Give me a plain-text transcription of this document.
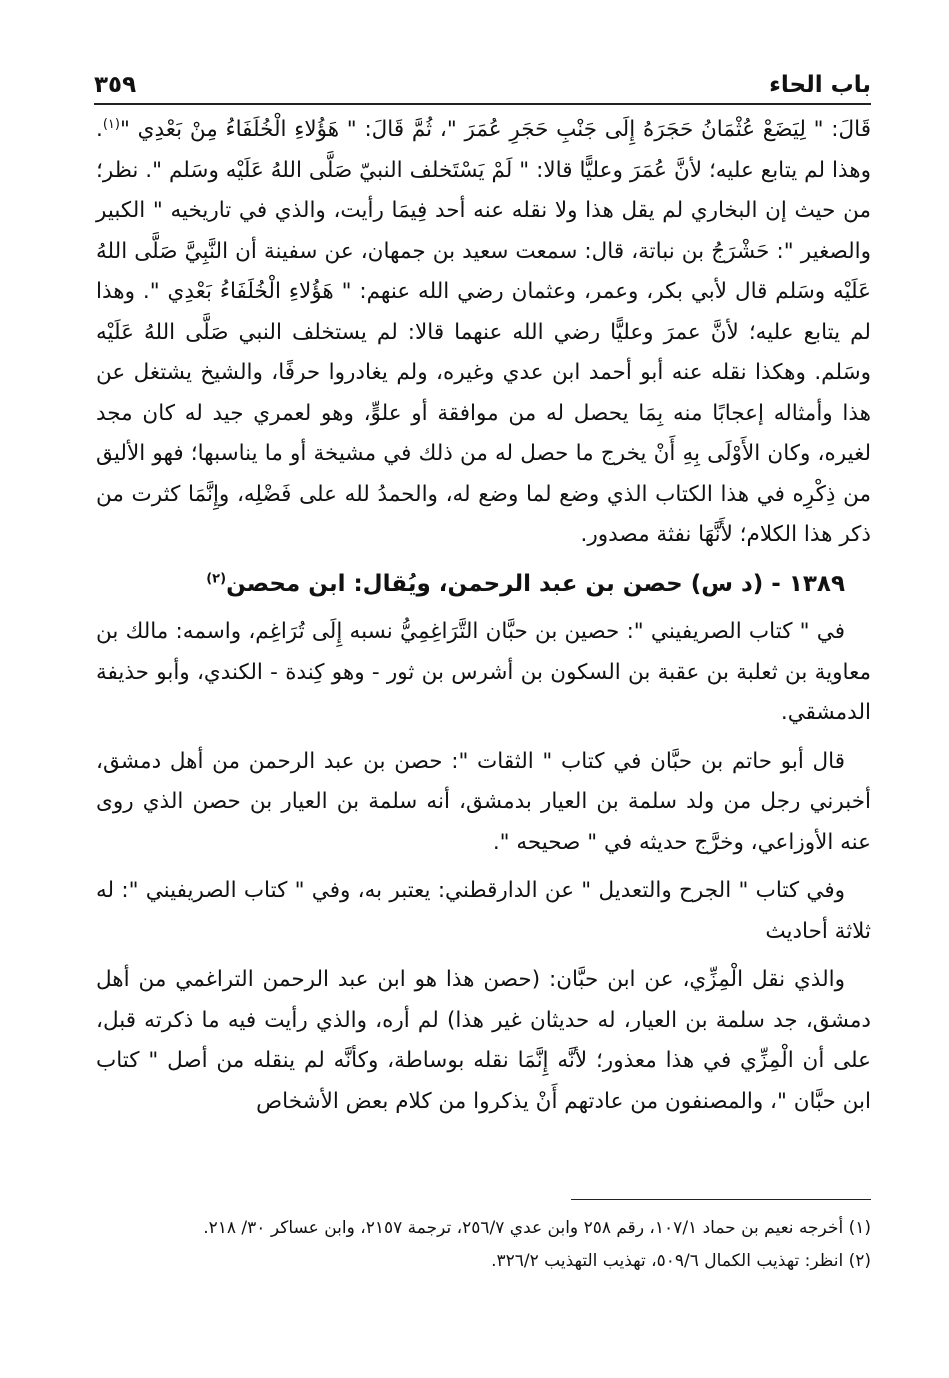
باب الحاء
٣٥٩

قَالَ: " لِيَضَعْ عُثْمَانُ حَجَرَهُ إِلَى جَنْبِ حَجَرِ عُمَرَ "، ثُمَّ قَالَ: " هَؤُلاءِ الْخُلَفَاءُ مِنْ بَعْدِي "$^{(١)}$. وهذا لم يتابع عليه؛ لأنَّ عُمَرَ وعليًّا قالا: " لَمْ يَسْتَخلف النبيّ صَلَّى اللهُ عَلَيْه وسَلم ". نظر؛ من حيث إن البخاري لم يقل هذا ولا نقله عنه أحد فِيمَا رأيت، والذي في تاريخيه " الكبير والصغير ": حَشْرَجُ بن نباتة، قال: سمعت سعيد بن جمهان، عن سفينة أن النَّبِيَّ صَلَّى اللهُ عَلَيْه وسَلم قال لأبي بكر، وعمر، وعثمان رضي الله عنهم: " هَؤُلاءِ الْخُلَفَاءُ بَعْدِي ". وهذا لم يتابع عليه؛ لأنَّ عمرَ وعليًّا رضي الله عنهما قالا: لم يستخلف النبي صَلَّى اللهُ عَلَيْه وسَلم. وهكذا نقله عنه أبو أحمد ابن عدي وغيره، ولم يغادروا حرفًا، والشيخ يشتغل عن هذا وأمثاله إعجابًا منه بِمَا يحصل له من موافقة أو علوٍّ، وهو لعمري جيد له كان مجد لغيره، وكان الأَوْلَى بِهِ أَنْ يخرج ما حصل له من ذلك في مشيخة أو ما يناسبها؛ فهو الأليق من ذِكْرِه في هذا الكتاب الذي وضع لما وضع له، والحمدُ لله على فَضْلِه، وإِنَّمَا كثرت من ذكر هذا الكلام؛ لأَنَّهَا نفثة مصدور.

١٣٨٩ - (د س) حصن بن عبد الرحمن، ويُقال: ابن محصن$^{(٢)}$

في " كتاب الصريفيني ": حصين بن حبَّان التَّرَاغِمِيُّ نسبه إِلَى تُرَاغِم، واسمه: مالك بن معاوية بن ثعلبة بن عقبة بن السكون بن أشرس بن ثور - وهو كِندة - الكندي، وأبو حذيفة الدمشقي.

قال أبو حاتم بن حبَّان في كتاب " الثقات ": حصن بن عبد الرحمن من أهل دمشق، أخبرني رجل من ولد سلمة بن العيار بدمشق، أنه سلمة بن العيار بن حصن الذي روى عنه الأوزاعي، وخرَّج حديثه في " صحيحه ".

وفي كتاب " الجرح والتعديل " عن الدارقطني: يعتبر به، وفي " كتاب الصريفيني ": له ثلاثة أحاديث

والذي نقل الْمِزِّي، عن ابن حبَّان: (حصن هذا هو ابن عبد الرحمن التراغمي من أهل دمشق، جد سلمة بن العيار، له حديثان غير هذا) لم أره، والذي رأيت فيه ما ذكرته قبل، على أن الْمِزِّي في هذا معذور؛ لأنَّه إِنَّمَا نقله بوساطة، وكأنَّه لم ينقله من أصل " كتاب ابن حبَّان "، والمصنفون من عادتهم أَنْ يذكروا من كلام بعض الأشخاص

(١) أخرجه نعيم بن حماد ١٠٧/١، رقم ٢٥٨ وابن عدي ٢٥٦/٧، ترجمة ٢١٥٧، وابن عساكر ٣٠/ ٢١٨.

(٢) انظر: تهذيب الكمال ٥٠٩/٦، تهذيب التهذيب ٣٢٦/٢.
